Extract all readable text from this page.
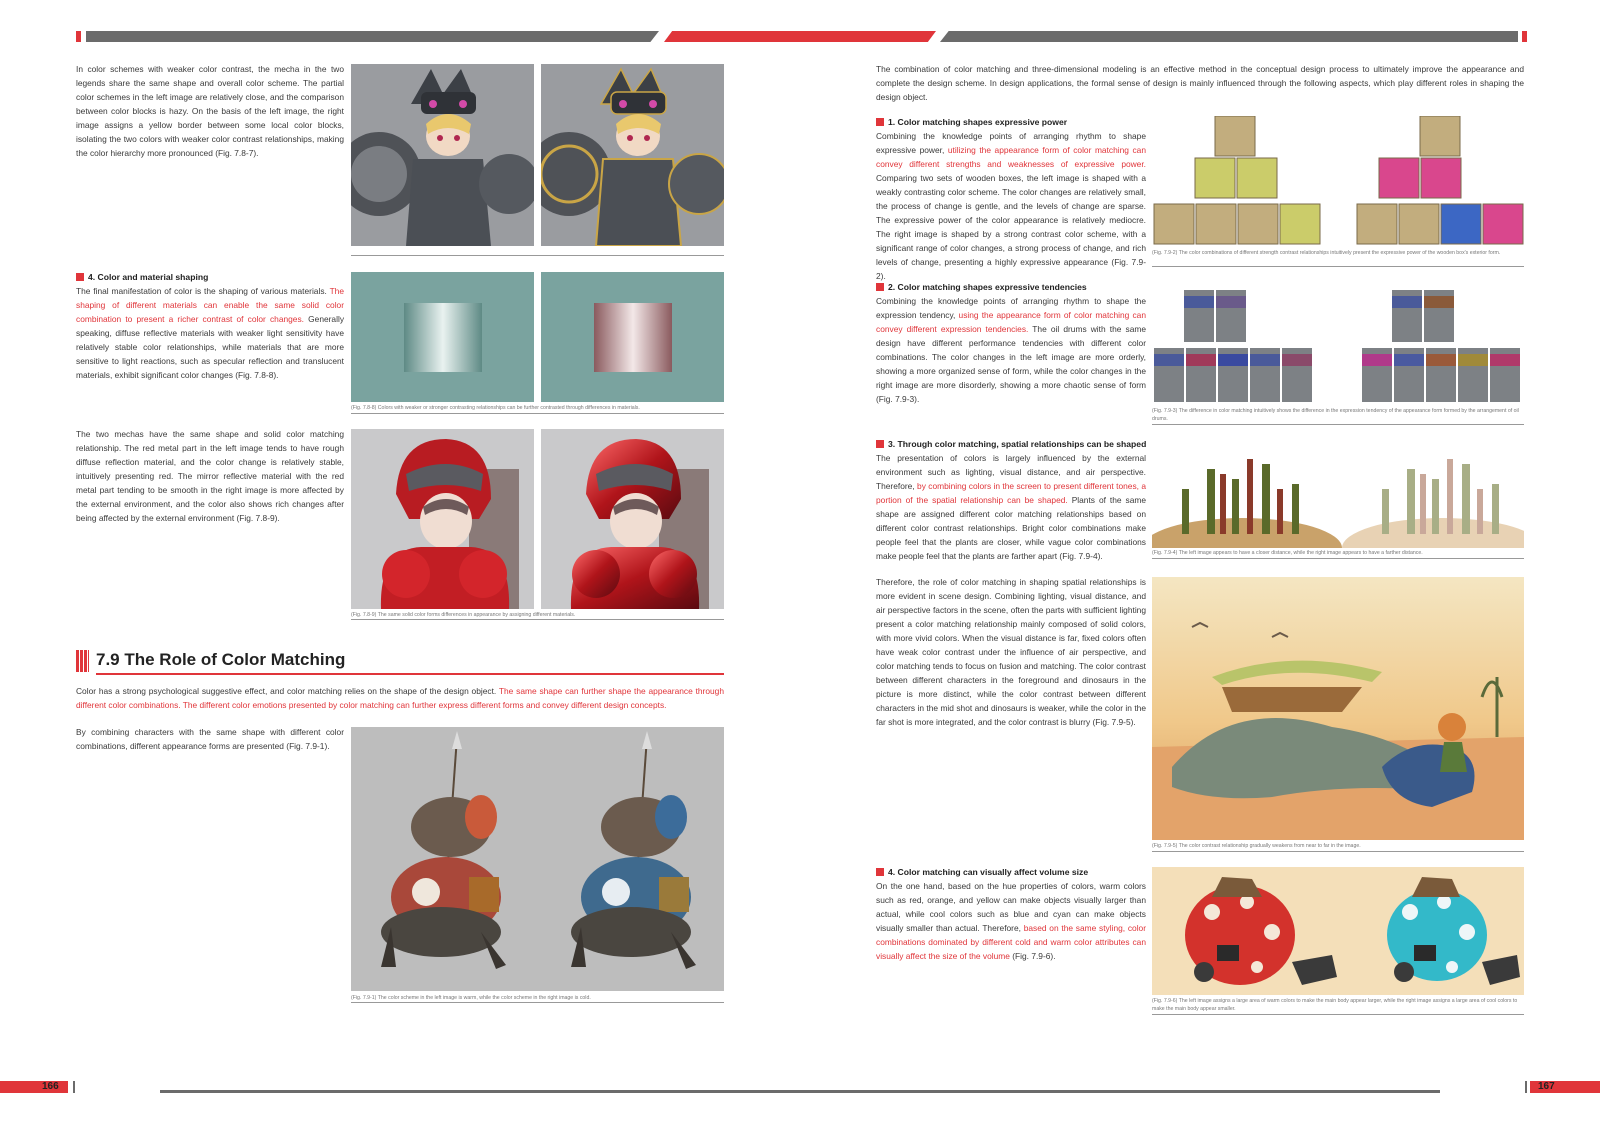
In color schemes with weaker color contrast, the mecha in the two legends share the same shape and overall color scheme. The partial color schemes in the left image are relatively close, and the comparison between color blocks is hazy. On the basis of the left image, the right image assigns a yellow border between some local color blocks, isolating the two colors with weaker color contrast relationships, making the color hierarchy more pronounced (Fig. 7.8-7).

4. Color and material shaping

The final manifestation of color is the shaping of various materials. The shaping of different materials can enable the same solid color combination to present a richer contrast of color changes. Generally speaking, diffuse reflective materials with weaker light sensitivity have relatively stable color relationships, while materials that are more sensitive to light reactions, such as specular reflection and translucent materials, exhibit significant color changes (Fig. 7.8-8).

(Fig. 7.8-8) Colors with weaker or stronger contrasting relationships can be further contrasted through differences in materials.

The two mechas have the same shape and solid color matching relationship. The red metal part in the left image tends to have rough diffuse reflection material, and the color change is relatively stable, intuitively presenting red. The mirror reflective material with the red metal part tending to be smooth in the right image is more affected by the external environment, and the color also shows rich changes after being affected by the external environment (Fig. 7.8-9).

(Fig. 7.8-9) The same solid color forms differences in appearance by assigning different materials.
7.9 The Role of Color Matching

Color has a strong psychological suggestive effect, and color matching relies on the shape of the design object. The same shape can further shape the appearance through different color combinations. The different color emotions presented by color matching can further express different forms and convey different design concepts.

By combining characters with the same shape with different color combinations, different appearance forms are presented (Fig. 7.9-1).

(Fig. 7.9-1) The color scheme in the left image is warm, while the color scheme in the right image is cold.

The combination of color matching and three-dimensional modeling is an effective method in the conceptual design process to ultimately improve the appearance and complete the design scheme. In design applications, the formal sense of design is mainly influenced through the following aspects, which play different roles in shaping the design object.

1. Color matching shapes expressive power

Combining the knowledge points of arranging rhythm to shape expressive power, utilizing the appearance form of color matching can convey different strengths and weaknesses of expressive power. Comparing two sets of wooden boxes, the left image is shaped with a weakly contrasting color scheme. The color changes are relatively small, the process of change is gentle, and the levels of change are sparse. The expressive power of the color appearance is relatively mediocre. The right image is shaped by a strong contrast color scheme, with a significant range of color changes, a strong process of change, and rich levels of change, presenting a highly expressive appearance (Fig. 7.9-2).

(Fig. 7.9-2) The color combinations of different strength contrast relationships intuitively present the expressive power of the wooden box's exterior form.
2. Color matching shapes expressive tendencies

Combining the knowledge points of arranging rhythm to shape the expression tendency, using the appearance form of color matching can convey different expression tendencies. The oil drums with the same design have different performance tendencies with different color combinations. The color changes in the left image are more orderly, showing a more organized sense of form, while the color changes in the right image are more disorderly, showing a more chaotic sense of form (Fig. 7.9-3).

(Fig. 7.9-3) The difference in color matching intuitively shows the difference in the expression tendency of the appearance form formed by the arrangement of oil drums.
3. Through color matching, spatial relationships can be shaped

The presentation of colors is largely influenced by the external environment such as lighting, visual distance, and air perspective. Therefore, by combining colors in the screen to present different tones, a portion of the spatial relationship can be shaped. Plants of the same shape are assigned different color matching relationships based on different color contrast relationships. Bright color combinations make people feel that the plants are closer, while vague color combinations make people feel that the plants are farther apart (Fig. 7.9-4).	(Fig. 7.9-4) The left image appears to have a closer distance, while the right image appears to have a farther distance.

Therefore, the role of color matching in shaping spatial relationships is more evident in scene design. Combining lighting, visual distance, and air perspective factors in the scene, often the parts with sufficient lighting present a color matching relationship mainly composed of solid colors, with more vivid colors. When the visual distance is far, fixed colors often have weak color contrast under the influence of air perspective, and color matching tends to focus on fusion and matching. The color contrast between different characters in the foreground and dinosaurs in the picture is more distinct, while the color contrast between different characters in the mid shot and dinosaurs is weaker, while the color in the far shot is more integrated, and the color contrast is blurry (Fig. 7.9-5).

(Fig. 7.9-5) The color contrast relationship gradually weakens from near to far in the image.
4. Color matching can visually affect volume size

On the one hand, based on the hue properties of colors, warm colors such as red, orange, and yellow can make objects visually larger than actual, while cool colors such as blue and cyan can make objects visually smaller than actual. Therefore, based on the same styling, color combinations dominated by different cold and warm color attributes can visually affect the size of the volume (Fig. 7.9-6).

(Fig. 7.9-6) The left image assigns a large area of warm colors to make the main body appear larger, while the right image assigns a large area of cool colors to make the main body appear smaller.
166	167
